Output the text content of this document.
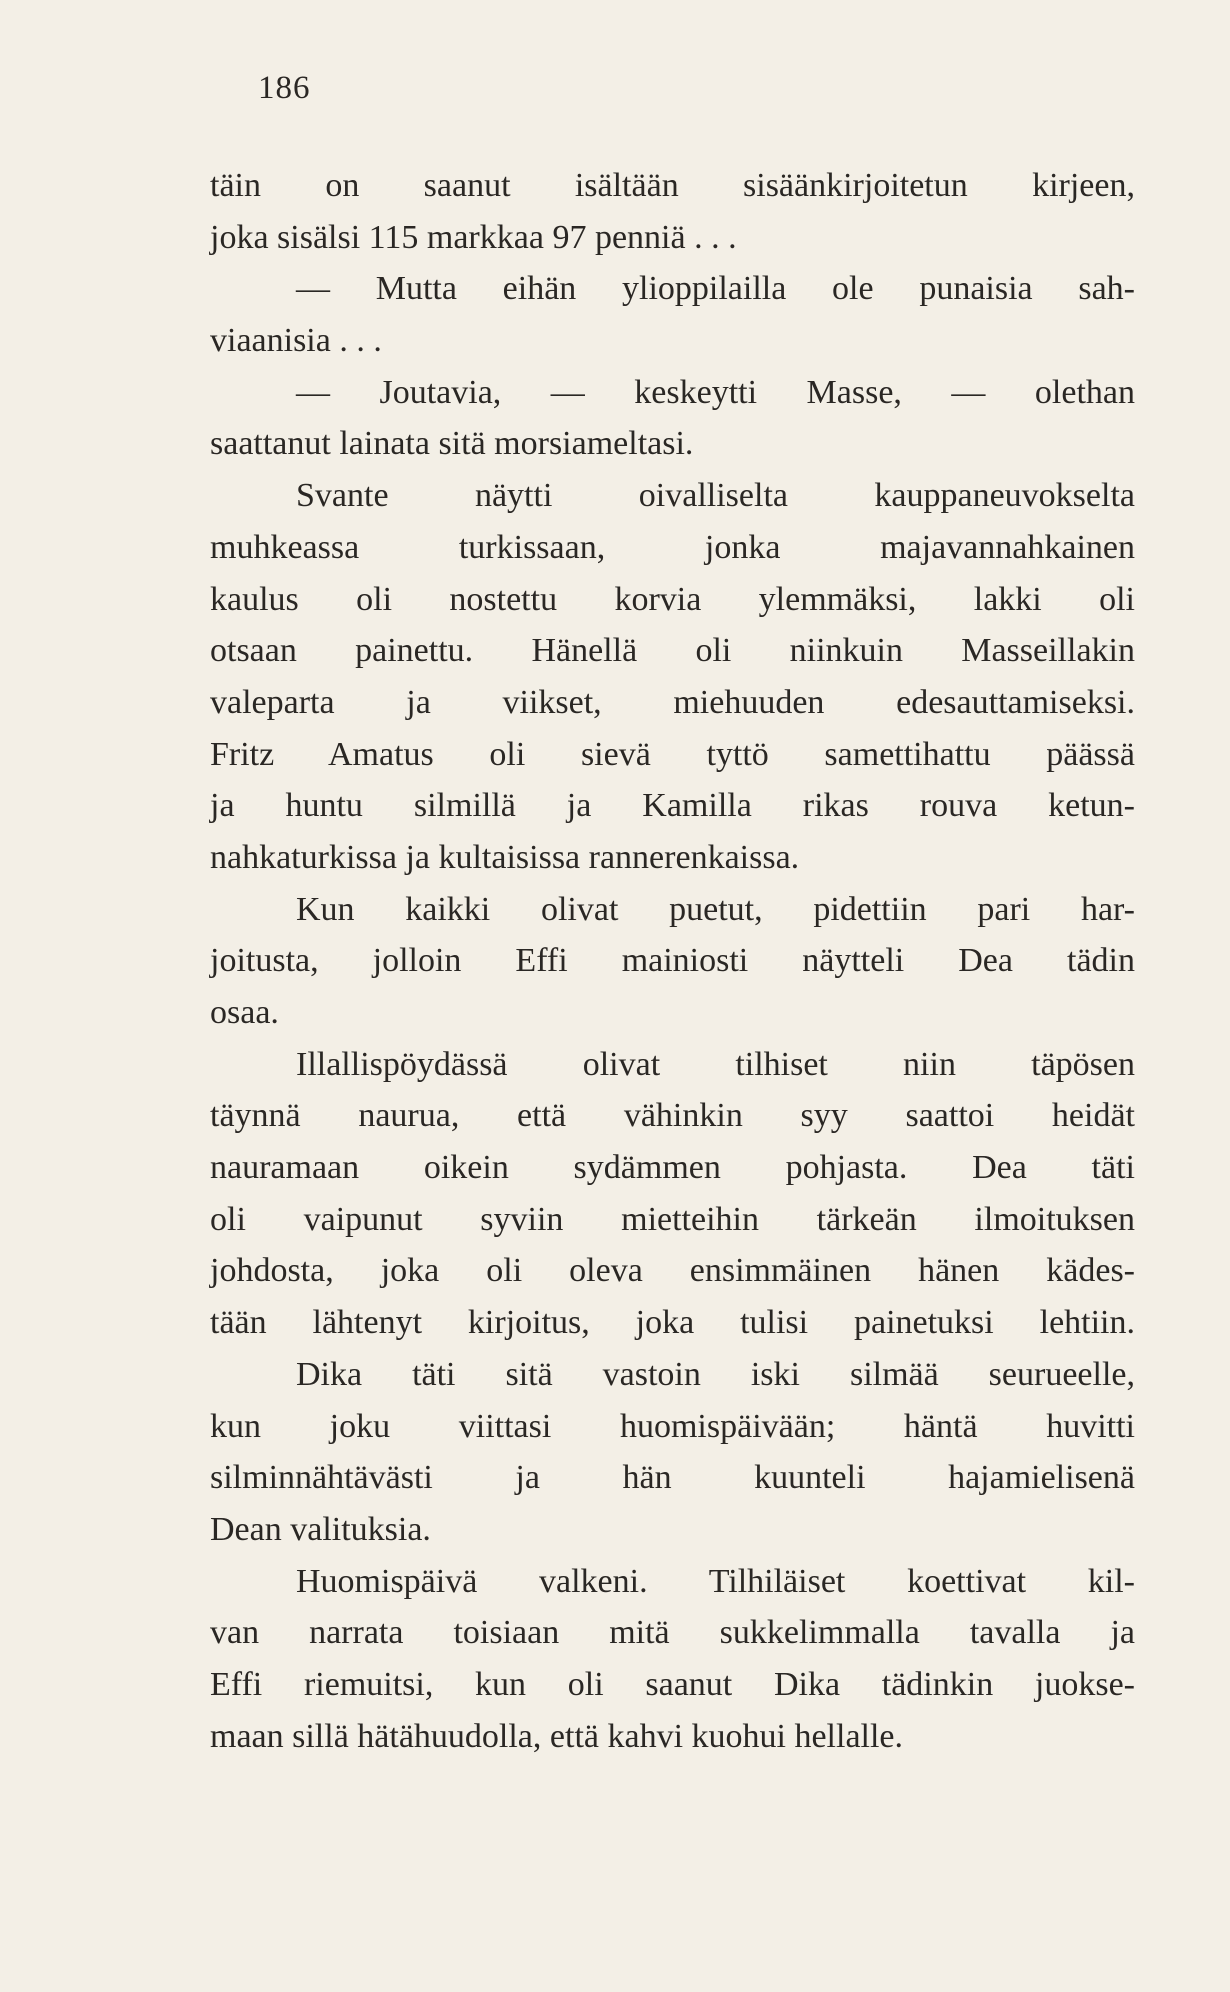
186
täin on saanut isältään sisäänkirjoitetun kirjeen,
joka sisälsi 115 markkaa 97 penniä . . .
— Mutta eihän ylioppilailla ole punaisia sah-
viaanisia . . .
— Joutavia, — keskeytti Masse, — olethan
saattanut lainata sitä morsiameltasi.
Svante näytti oivalliselta kauppaneuvokselta
muhkeassa turkissaan, jonka majavannahkainen
kaulus oli nostettu korvia ylemmäksi, lakki oli
otsaan painettu. Hänellä oli niinkuin Masseillakin
valeparta ja viikset, miehuuden edesauttamiseksi.
Fritz Amatus oli sievä tyttö samettihattu päässä
ja huntu silmillä ja Kamilla rikas rouva ketun-
nahkaturkissa ja kultaisissa rannerenkaissa.
Kun kaikki olivat puetut, pidettiin pari har-
joitusta, jolloin Effi mainiosti näytteli Dea tädin
osaa.
Illallispöydässä olivat tilhiset niin täpösen
täynnä naurua, että vähinkin syy saattoi heidät
nauramaan oikein sydämmen pohjasta. Dea täti
oli vaipunut syviin mietteihin tärkeän ilmoituksen
johdosta, joka oli oleva ensimmäinen hänen kädes-
tään lähtenyt kirjoitus, joka tulisi painetuksi lehtiin.
Dika täti sitä vastoin iski silmää seurueelle,
kun joku viittasi huomispäivään; häntä huvitti
silminnähtävästi ja hän kuunteli hajamielisenä
Dean valituksia.
Huomispäivä valkeni. Tilhiläiset koettivat kil-
van narrata toisiaan mitä sukkelimmalla tavalla ja
Effi riemuitsi, kun oli saanut Dika tädinkin juokse-
maan sillä hätähuudolla, että kahvi kuohui hellalle.
